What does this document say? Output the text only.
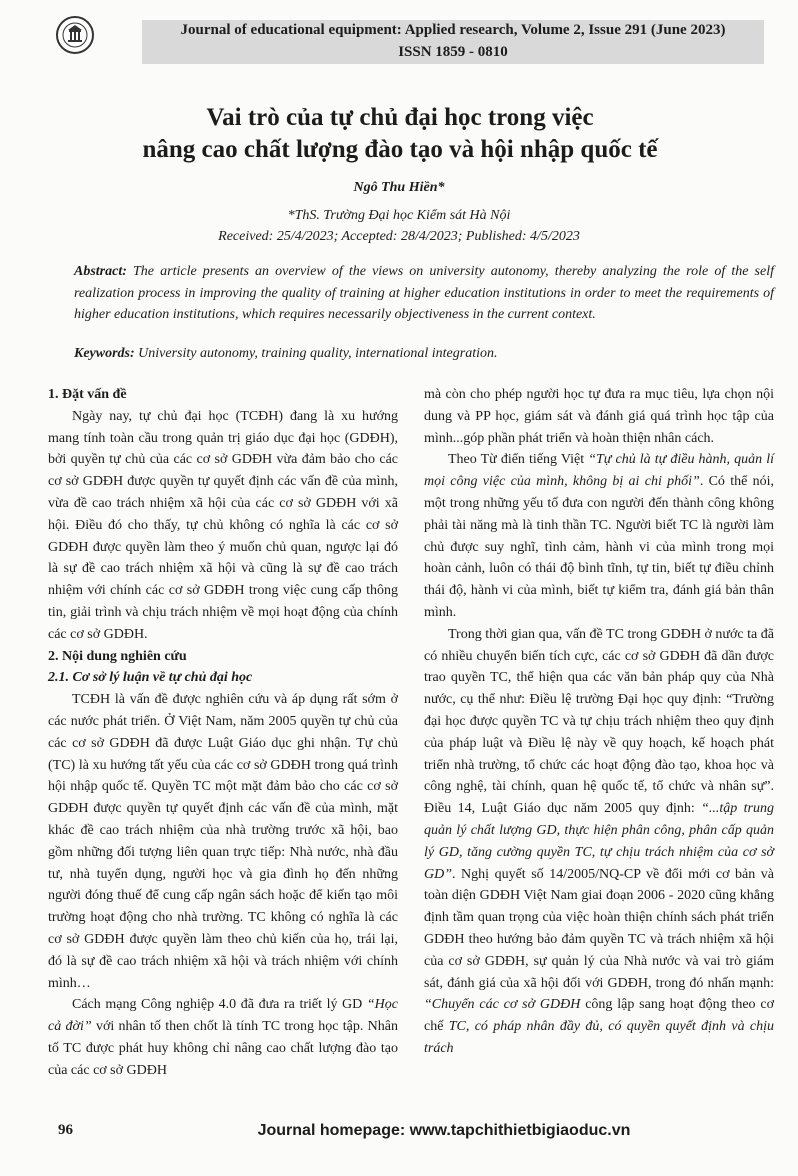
Journal of educational equipment: Applied research, Volume 2, Issue 291 (June 2023)
ISSN 1859 - 0810
Vai trò của tự chủ đại học trong việc
nâng cao chất lượng đào tạo và hội nhập quốc tế
Ngô Thu Hiền*
*ThS. Trường Đại học Kiểm sát Hà Nội
Received: 25/4/2023; Accepted: 28/4/2023; Published: 4/5/2023
Abstract: The article presents an overview of the views on university autonomy, thereby analyzing the role of the self realization process in improving the quality of training at higher education institutions in order to meet the requirements of higher education institutions, which requires necessarily objectiveness in the current context.
Keywords: University autonomy, training quality, international integration.
1. Đặt vấn đề

Ngày nay, tự chủ đại học (TCĐH) đang là xu hướng mang tính toàn cầu trong quản trị giáo dục đại học (GDĐH), bởi quyền tự chủ của các cơ sở GDĐH vừa đảm bảo cho các cơ sở GDĐH được quyền tự quyết định các vấn đề của mình, vừa đề cao trách nhiệm xã hội của các cơ sở GDĐH với xã hội. Điều đó cho thấy, tự chủ không có nghĩa là các cơ sở GDĐH được quyền làm theo ý muốn chủ quan, ngược lại đó là sự đề cao trách nhiệm xã hội và cũng là sự đề cao trách nhiệm với chính các cơ sở GDĐH trong việc cung cấp thông tin, giải trình và chịu trách nhiệm về mọi hoạt động của chính các cơ sở GDĐH.

2. Nội dung nghiên cứu
2.1. Cơ sở lý luận về tự chủ đại học

TCĐH là vấn đề được nghiên cứu và áp dụng rất sớm ở các nước phát triển. Ở Việt Nam, năm 2005 quyền tự chủ của các cơ sở GDĐH đã được Luật Giáo dục ghi nhận. Tự chủ (TC) là xu hướng tất yếu của các cơ sở GDĐH trong quá trình hội nhập quốc tế. Quyền TC một mặt đảm bảo cho các cơ sở GDĐH được quyền tự quyết định các vấn đề của mình, mặt khác đề cao trách nhiệm của nhà trường trước xã hội, bao gồm những đối tượng liên quan trực tiếp: Nhà nước, nhà đầu tư, nhà tuyển dụng, người học và gia đình họ đến những người đóng thuế để cung cấp ngân sách hoặc để kiến tạo môi trường hoạt động cho nhà trường. TC không có nghĩa là các cơ sở GDĐH được quyền làm theo chủ kiến của họ, trái lại, đó là sự đề cao trách nhiệm xã hội và trách nhiệm với chính mình…

Cách mạng Công nghiệp 4.0 đã đưa ra triết lý GD “Học cả đời” với nhân tố then chốt là tính TC trong học tập. Nhân tố TC được phát huy không chỉ nâng cao chất lượng đào tạo của các cơ sở GDĐH

mà còn cho phép người học tự đưa ra mục tiêu, lựa chọn nội dung và PP học, giám sát và đánh giá quá trình học tập của mình...góp phần phát triển và hoàn thiện nhân cách.

Theo Từ điển tiếng Việt “Tự chủ là tự điều hành, quản lí mọi công việc của mình, không bị ai chi phối”. Có thể nói, một trong những yếu tố đưa con người đến thành công không phải tài năng mà là tinh thần TC. Người biết TC là người làm chủ được suy nghĩ, tình cảm, hành vi của mình trong mọi hoàn cảnh, luôn có thái độ bình tĩnh, tự tin, biết tự điều chỉnh thái độ, hành vi của mình, biết tự kiểm tra, đánh giá bản thân mình.

Trong thời gian qua, vấn đề TC trong GDĐH ở nước ta đã có nhiều chuyển biến tích cực, các cơ sở GDĐH đã dần được trao quyền TC, thể hiện qua các văn bản pháp quy của Nhà nước, cụ thể như: Điều lệ trường Đại học quy định: “Trường đại học được quyền TC và tự chịu trách nhiệm theo quy định của pháp luật và Điều lệ này về quy hoạch, kế hoạch phát triển nhà trường, tổ chức các hoạt động đào tạo, khoa học và công nghệ, tài chính, quan hệ quốc tế, tổ chức và nhân sự”. Điều 14, Luật Giáo dục năm 2005 quy định: “...tập trung quản lý chất lượng GD, thực hiện phân công, phân cấp quản lý GD, tăng cường quyền TC, tự chịu trách nhiệm của cơ sở GD”. Nghị quyết số 14/2005/NQ-CP về đổi mới cơ bản và toàn diện GDĐH Việt Nam giai đoạn 2006 - 2020 cũng khẳng định tầm quan trọng của việc hoàn thiện chính sách phát triển GDĐH theo hướng bảo đảm quyền TC và trách nhiệm xã hội của cơ sở GDĐH, sự quản lý của Nhà nước và vai trò giám sát, đánh giá của xã hội đối với GDĐH, trong đó nhấn mạnh: “Chuyển các cơ sở GDĐH công lập sang hoạt động theo cơ chế TC, có pháp nhân đầy đủ, có quyền quyết định và chịu trách

96	Journal homepage: www.tapchithietbigiaoduc.vn
